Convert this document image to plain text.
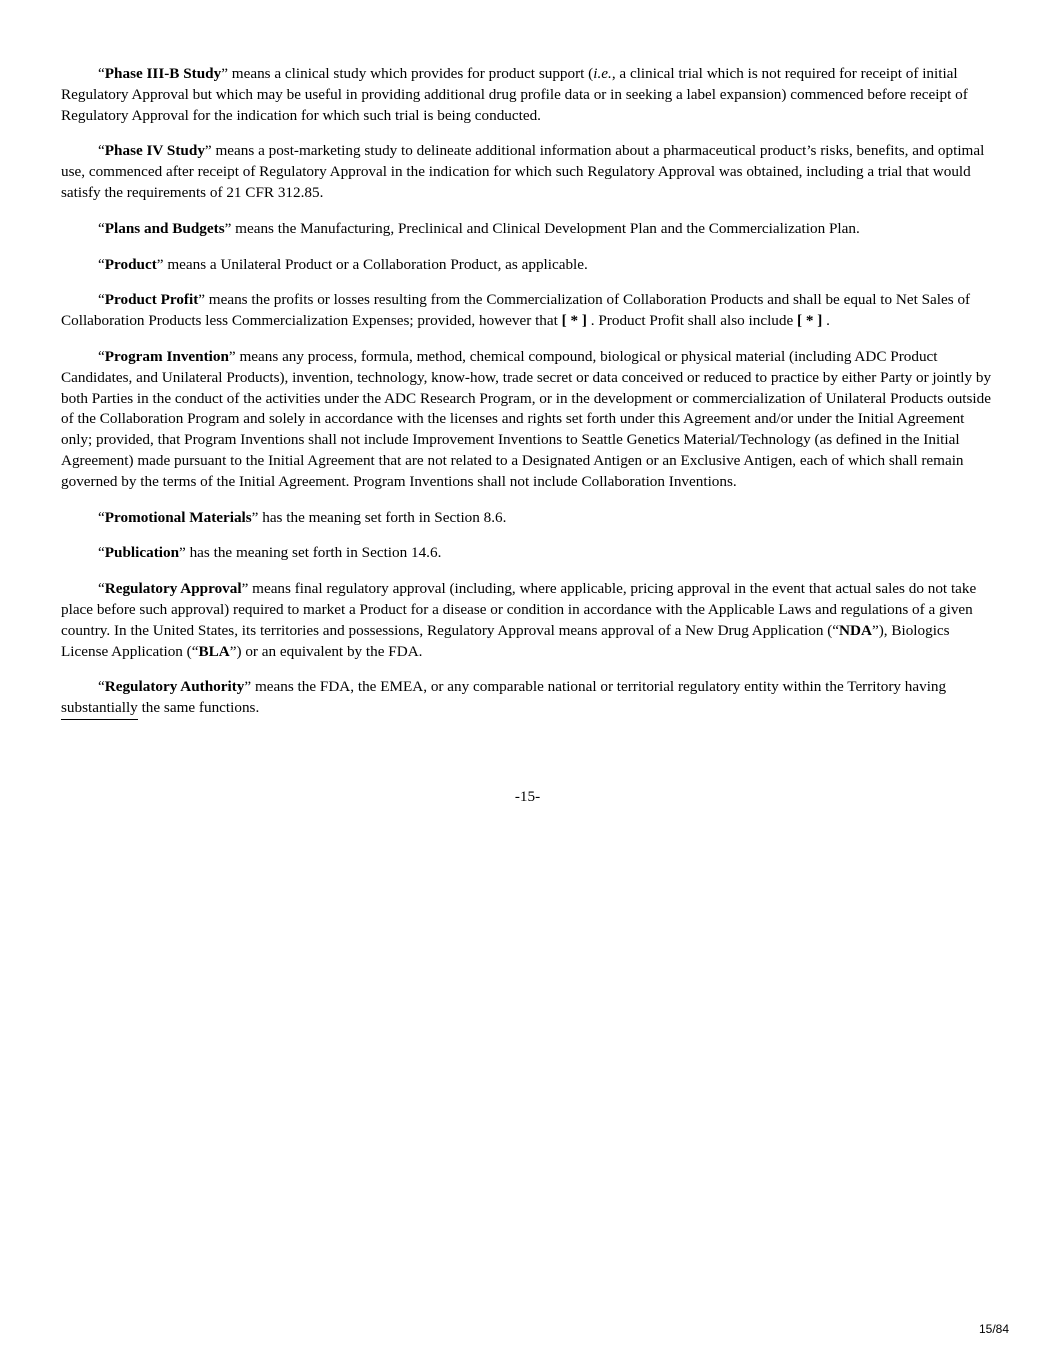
“Phase III-B Study” means a clinical study which provides for product support (i.e., a clinical trial which is not required for receipt of initial Regulatory Approval but which may be useful in providing additional drug profile data or in seeking a label expansion) commenced before receipt of Regulatory Approval for the indication for which such trial is being conducted.

“Phase IV Study” means a post-marketing study to delineate additional information about a pharmaceutical product’s risks, benefits, and optimal use, commenced after receipt of Regulatory Approval in the indication for which such Regulatory Approval was obtained, including a trial that would satisfy the requirements of 21 CFR 312.85.

“Plans and Budgets” means the Manufacturing, Preclinical and Clinical Development Plan and the Commercialization Plan.

“Product” means a Unilateral Product or a Collaboration Product, as applicable.

“Product Profit” means the profits or losses resulting from the Commercialization of Collaboration Products and shall be equal to Net Sales of Collaboration Products less Commercialization Expenses; provided, however that [ * ] . Product Profit shall also include [ * ] .

“Program Invention” means any process, formula, method, chemical compound, biological or physical material (including ADC Product Candidates, and Unilateral Products), invention, technology, know-how, trade secret or data conceived or reduced to practice by either Party or jointly by both Parties in the conduct of the activities under the ADC Research Program, or in the development or commercialization of Unilateral Products outside of the Collaboration Program and solely in accordance with the licenses and rights set forth under this Agreement and/or under the Initial Agreement only; provided, that Program Inventions shall not include Improvement Inventions to Seattle Genetics Material/Technology (as defined in the Initial Agreement) made pursuant to the Initial Agreement that are not related to a Designated Antigen or an Exclusive Antigen, each of which shall remain governed by the terms of the Initial Agreement. Program Inventions shall not include Collaboration Inventions.

“Promotional Materials” has the meaning set forth in Section 8.6.

“Publication” has the meaning set forth in Section 14.6.

“Regulatory Approval” means final regulatory approval (including, where applicable, pricing approval in the event that actual sales do not take place before such approval) required to market a Product for a disease or condition in accordance with the Applicable Laws and regulations of a given country. In the United States, its territories and possessions, Regulatory Approval means approval of a New Drug Application (“NDA”), Biologics License Application (“BLA”) or an equivalent by the FDA.

“Regulatory Authority” means the FDA, the EMEA, or any comparable national or territorial regulatory entity within the Territory having substantially the same functions.

-15-
15/84
